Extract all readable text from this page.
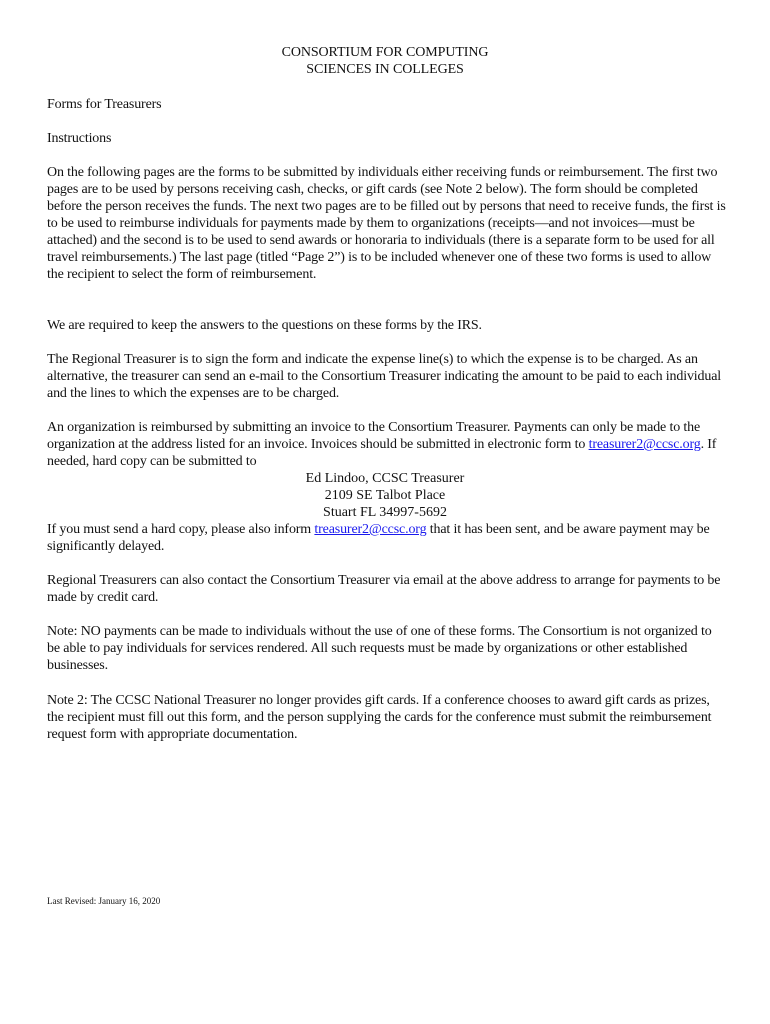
CONSORTIUM FOR COMPUTING
SCIENCES IN COLLEGES
Forms for Treasurers
Instructions
On the following pages are the forms to be submitted by individuals either receiving funds or reimbursement. The first two pages are to be used by persons receiving cash, checks, or gift cards (see Note 2 below). The form should be completed before the person receives the funds. The next two pages are to be filled out by persons that need to receive funds, the first is to be used to reimburse individuals for payments made by them to organizations (receipts—and not invoices—must be attached) and the second is to be used to send awards or honoraria to individuals (there is a separate form to be used for all travel reimbursements.) The last page (titled “Page 2”) is to be included whenever one of these two forms is used to allow the recipient to select the form of reimbursement.
We are required to keep the answers to the questions on these forms by the IRS.
The Regional Treasurer is to sign the form and indicate the expense line(s) to which the expense is to be charged. As an alternative, the treasurer can send an e-mail to the Consortium Treasurer indicating the amount to be paid to each individual and the lines to which the expenses are to be charged.
An organization is reimbursed by submitting an invoice to the Consortium Treasurer. Payments can only be made to the organization at the address listed for an invoice. Invoices should be submitted in electronic form to treasurer2@ccsc.org. If needed, hard copy can be submitted to
Ed Lindoo, CCSC Treasurer
2109 SE Talbot Place
Stuart FL 34997-5692
If you must send a hard copy, please also inform treasurer2@ccsc.org that it has been sent, and be aware payment may be significantly delayed.
Regional Treasurers can also contact the Consortium Treasurer via email at the above address to arrange for payments to be made by credit card.
Note: NO payments can be made to individuals without the use of one of these forms. The Consortium is not organized to be able to pay individuals for services rendered. All such requests must be made by organizations or other established businesses.
Note 2: The CCSC National Treasurer no longer provides gift cards. If a conference chooses to award gift cards as prizes, the recipient must fill out this form, and the person supplying the cards for the conference must submit the reimbursement request form with appropriate documentation.
Last Revised: January 16, 2020
